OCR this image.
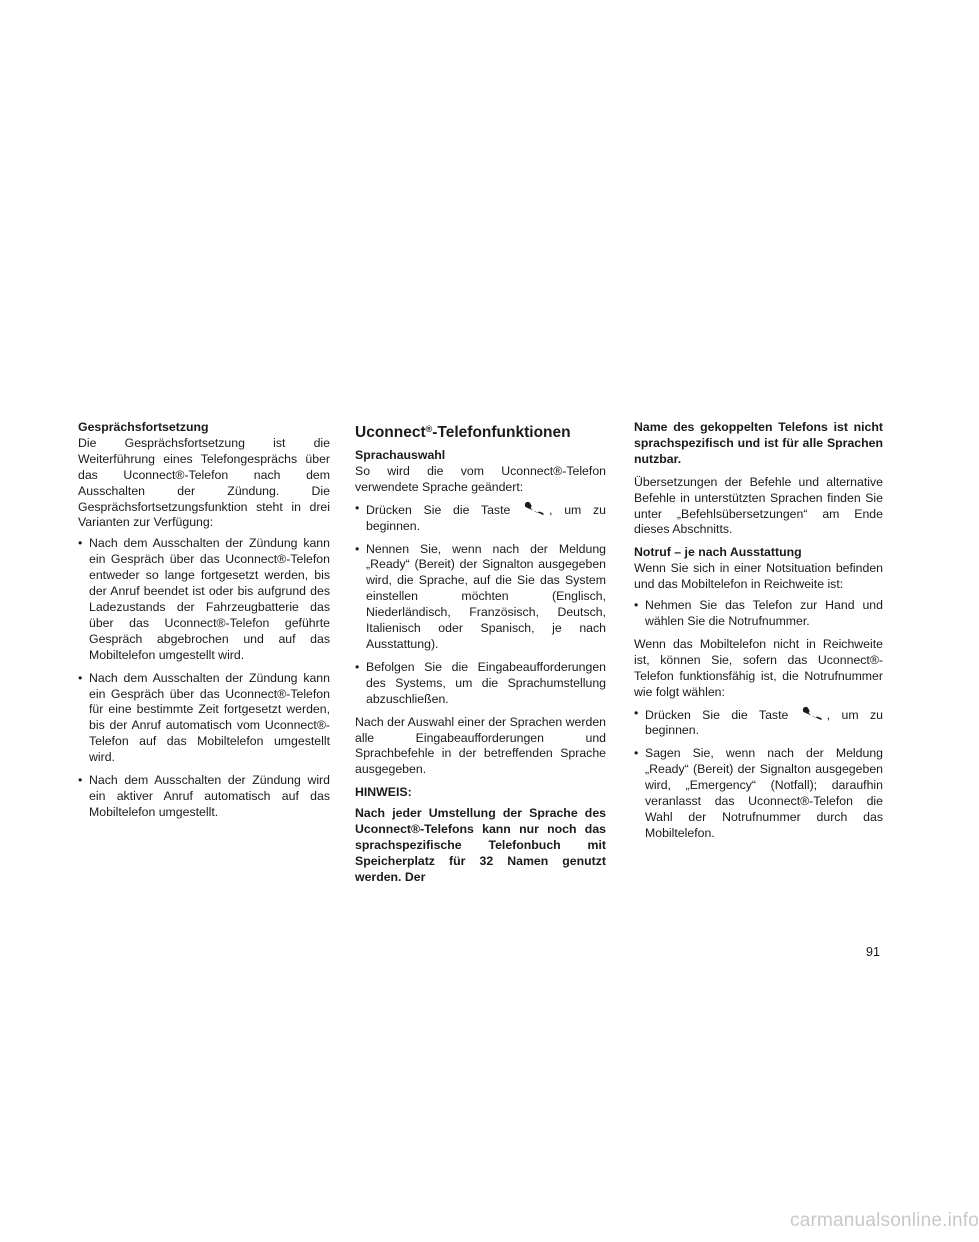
Gesprächsfortsetzung

Die Gesprächsfortsetzung ist die Weiterführung eines Telefongesprächs über das Uconnect®-Telefon nach dem Ausschalten der Zündung. Die Gesprächsfortsetzungsfunktion steht in drei Varianten zur Verfügung:

• Nach dem Ausschalten der Zündung kann ein Gespräch über das Uconnect®-Telefon entweder so lange fortgesetzt werden, bis der Anruf beendet ist oder bis aufgrund des Ladezustands der Fahrzeugbatterie das über das Uconnect®-Telefon geführte Gespräch abgebrochen und auf das Mobiltelefon umgestellt wird.
• Nach dem Ausschalten der Zündung kann ein Gespräch über das Uconnect®-Telefon für eine bestimmte Zeit fortgesetzt werden, bis der Anruf automatisch vom Uconnect®-Telefon auf das Mobiltelefon umgestellt wird.
• Nach dem Ausschalten der Zündung wird ein aktiver Anruf automatisch auf das Mobiltelefon umgestellt.
Uconnect®-Telefonfunktionen

Sprachauswahl

So wird die vom Uconnect®-Telefon verwendete Sprache geändert:

• Drücken Sie die Taste	, um zu beginnen.
• Nennen Sie, wenn nach der Meldung „Ready“ (Bereit) der Signalton ausgegeben wird, die Sprache, auf die Sie das System einstellen möchten (Englisch, Niederländisch, Französisch, Deutsch, Italienisch oder Spanisch, je nach Ausstattung).
• Befolgen Sie die Eingabeaufforderungen des Systems, um die Sprachumstellung abzuschließen.

Nach der Auswahl einer der Sprachen werden alle Eingabeaufforderungen und Sprachbefehle in der betreffenden Sprache ausgegeben.

HINWEIS:

Nach jeder Umstellung der Sprache des Uconnect®-Telefons kann nur noch das sprachspezifische Telefonbuch mit Speicherplatz für 32 Namen genutzt werden. Der

Name des gekoppelten Telefons ist nicht sprachspezifisch und ist für alle Sprachen nutzbar.

Übersetzungen der Befehle und alternative Befehle in unterstützten Sprachen finden Sie unter „Befehlsübersetzungen“ am Ende dieses Abschnitts.

Notruf – je nach Ausstattung

Wenn Sie sich in einer Notsituation befinden und das Mobiltelefon in Reichweite ist:

• Nehmen Sie das Telefon zur Hand und wählen Sie die Notrufnummer.

Wenn das Mobiltelefon nicht in Reichweite ist, können Sie, sofern das Uconnect®-Telefon funktionsfähig ist, die Notrufnummer wie folgt wählen:

• Drücken Sie die Taste	, um zu beginnen.
• Sagen Sie, wenn nach der Meldung „Ready“ (Bereit) der Signalton ausgegeben wird, „Emergency“ (Notfall); daraufhin veranlasst das Uconnect®-Telefon die Wahl der Notrufnummer durch das Mobiltelefon.
91
carmanualsonline.info
